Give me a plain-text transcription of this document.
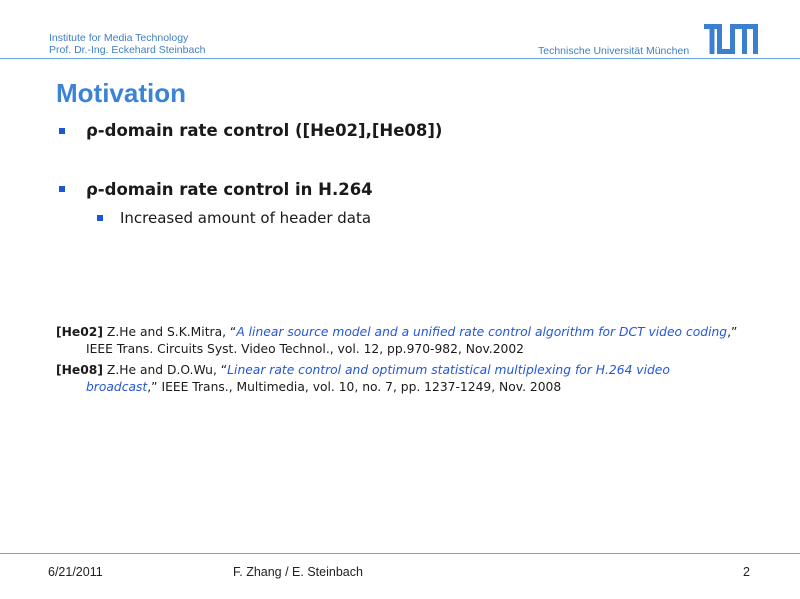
Institute for Media Technology
Prof. Dr.-Ing. Eckehard Steinbach	Technische Universität München
Motivation
ρ-domain rate control ([He02],[He08])
ρ-domain rate control in H.264
Increased amount of header data
[He02] Z.He and S.K.Mitra, “A linear source model and a unified rate control algorithm for DCT video coding,”
IEEE Trans. Circuits Syst. Video Technol., vol. 12, pp.970-982, Nov.2002
[He08] Z.He and D.O.Wu, “Linear rate control and optimum statistical multiplexing for H.264 video
broadcast,” IEEE Trans., Multimedia, vol. 10, no. 7, pp. 1237-1249, Nov. 2008
6/21/2011	F. Zhang / E. Steinbach	2
